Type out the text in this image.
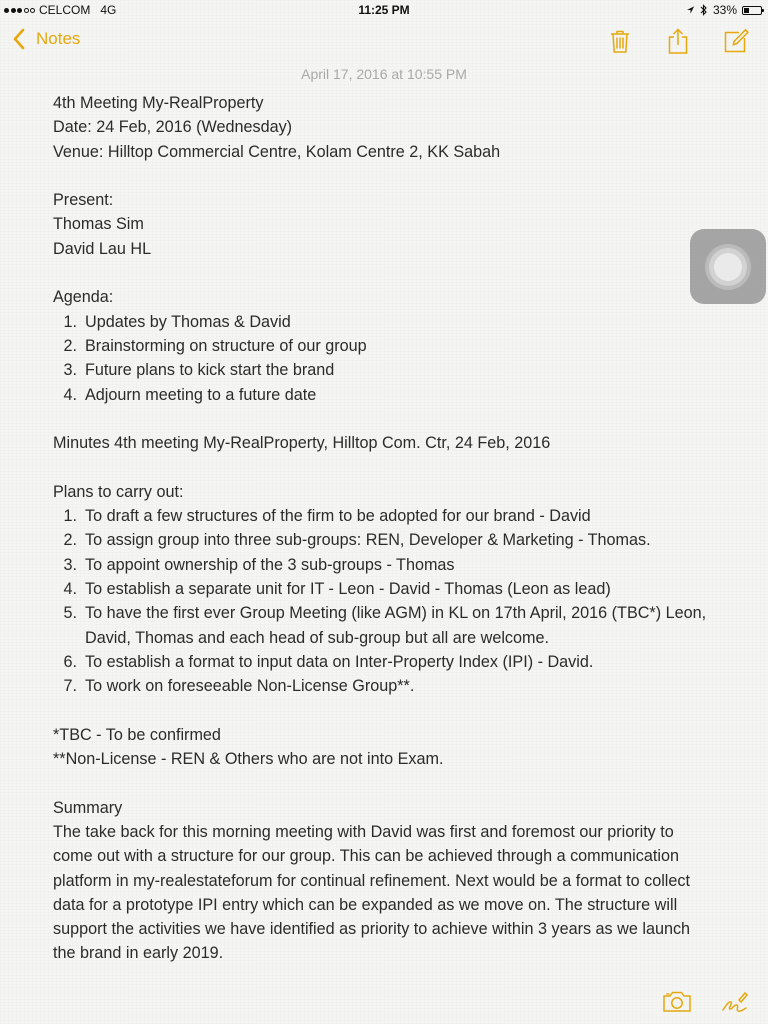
CELCOM 4G	11:25 PM	33%
Notes
April 17, 2016 at 10:55 PM

4th Meeting My-RealProperty

Date: 24 Feb, 2016 (Wednesday)

Venue: Hilltop Commercial Centre, Kolam Centre 2, KK Sabah

Present:

Thomas Sim

David Lau HL

Agenda:

1. Updates by Thomas & David
2. Brainstorming on structure of our group
3. Future plans to kick start the brand
4. Adjourn meeting to a future date

Minutes 4th meeting My-RealProperty, Hilltop Com. Ctr, 24 Feb, 2016

Plans to carry out:

1. To draft a few structures of the firm to be adopted for our brand - David
2. To assign group into three sub-groups: REN, Developer & Marketing - Thomas.
3. To appoint ownership of the 3 sub-groups - Thomas
4. To establish a separate unit for IT - Leon - David - Thomas (Leon as lead)
5. To have the first ever Group Meeting (like AGM) in KL on 17th April, 2016 (TBC*) Leon, David, Thomas and each head of sub-group but all are welcome.
6. To establish a format to input data on Inter-Property Index (IPI) - David.
7. To work on foreseeable Non-License Group**.

*TBC - To be confirmed

**Non-License - REN & Others who are not into Exam.

Summary

The take back for this morning meeting with David was first and foremost our priority to come out with a structure for our group. This can be achieved through a communication platform in my-realestateforum for continual refinement. Next would be a format to collect data for a prototype IPI entry which can be expanded as we move on. The structure will support the activities we have identified as priority to achieve within 3 years as we launch the brand in early 2019.
